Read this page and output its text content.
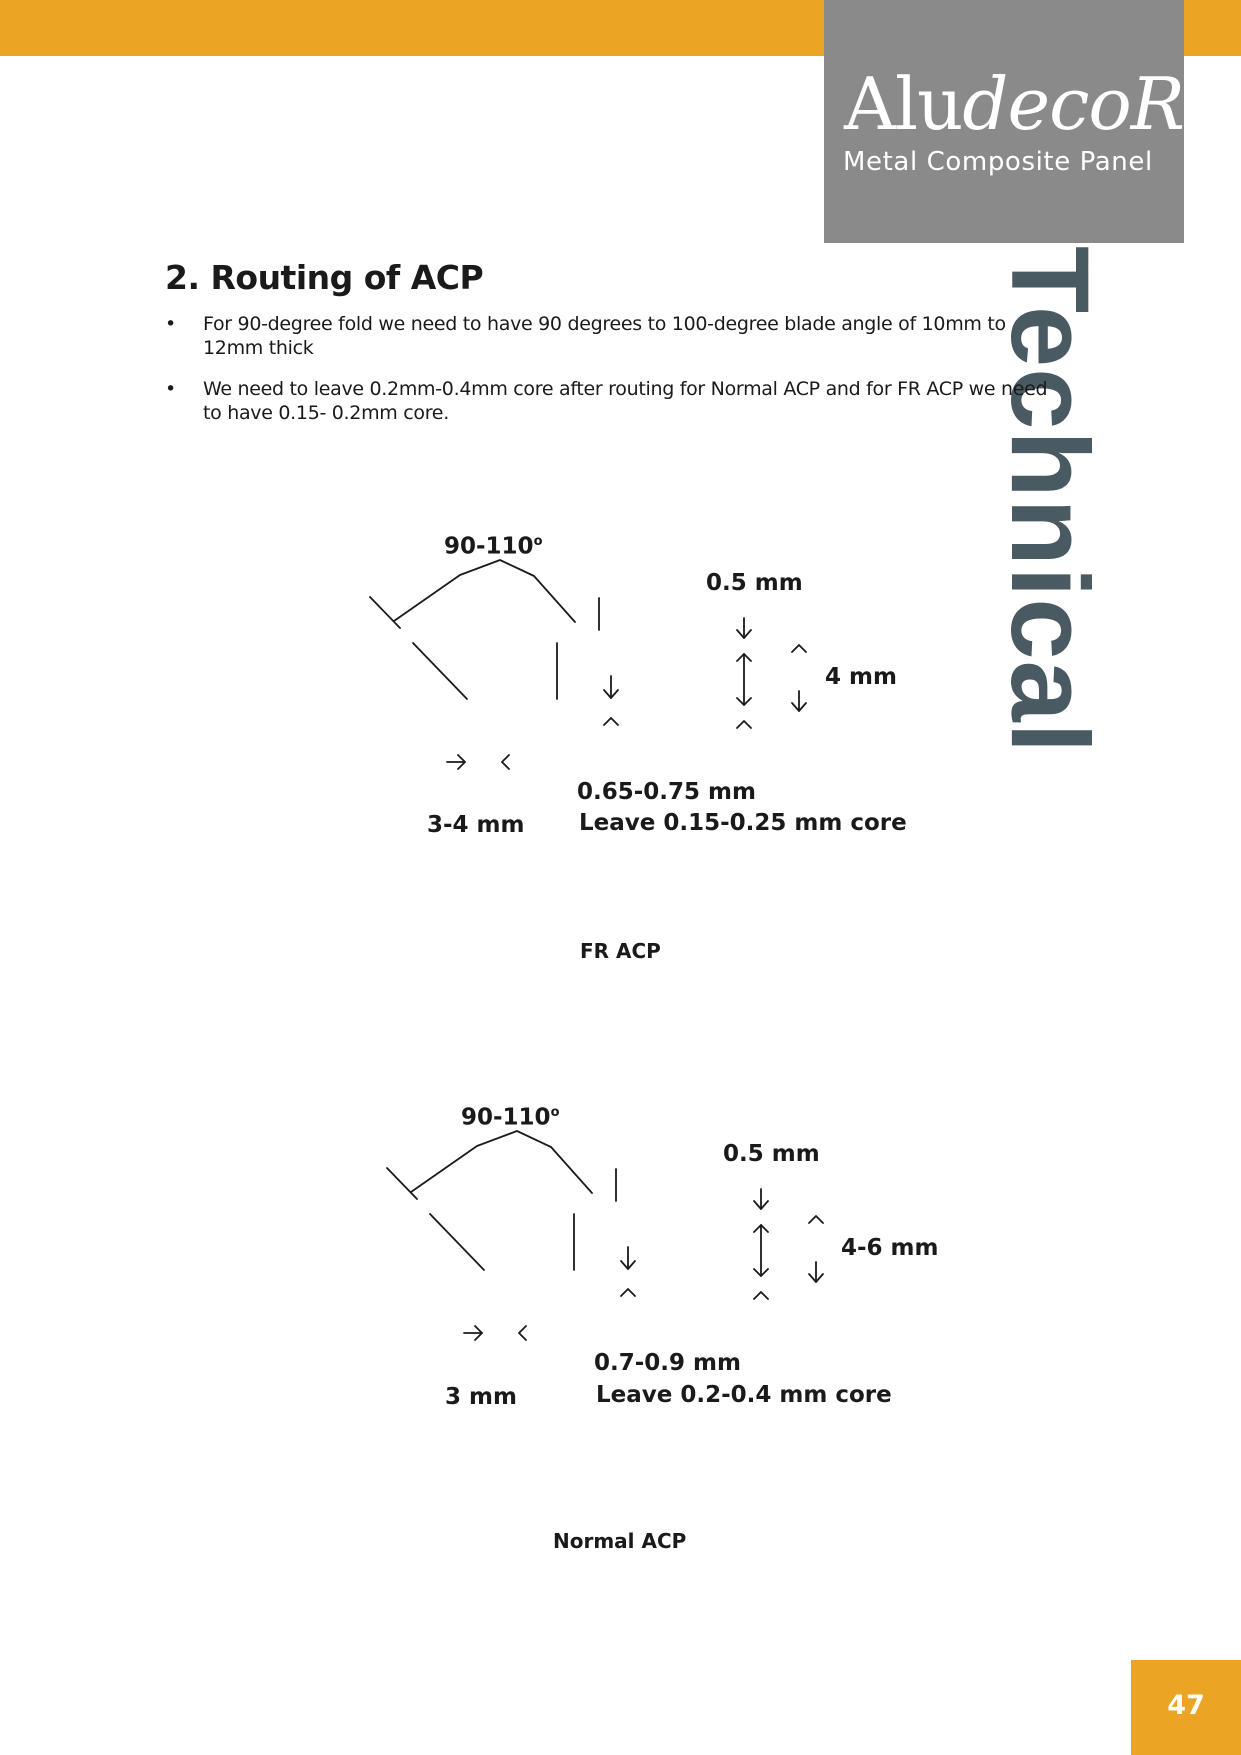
AludecoR
Metal Composite Panel
Technical
2. Routing of ACP
• For 90-degree fold we need to have 90 degrees to 100-degree blade angle of 10mm to 12mm thick
• We need to leave 0.2mm-0.4mm core after routing for Normal ACP and for FR ACP we need to have 0.15- 0.2mm core.
90-110$^o$
0.5 mm
4 mm
0.65-0.75 mm
Leave 0.15-0.25 mm core
3-4 mm
FR ACP
90-110$^o$
0.5 mm
4-6 mm
0.7-0.9 mm
Leave 0.2-0.4 mm core
3 mm
Normal ACP
47
